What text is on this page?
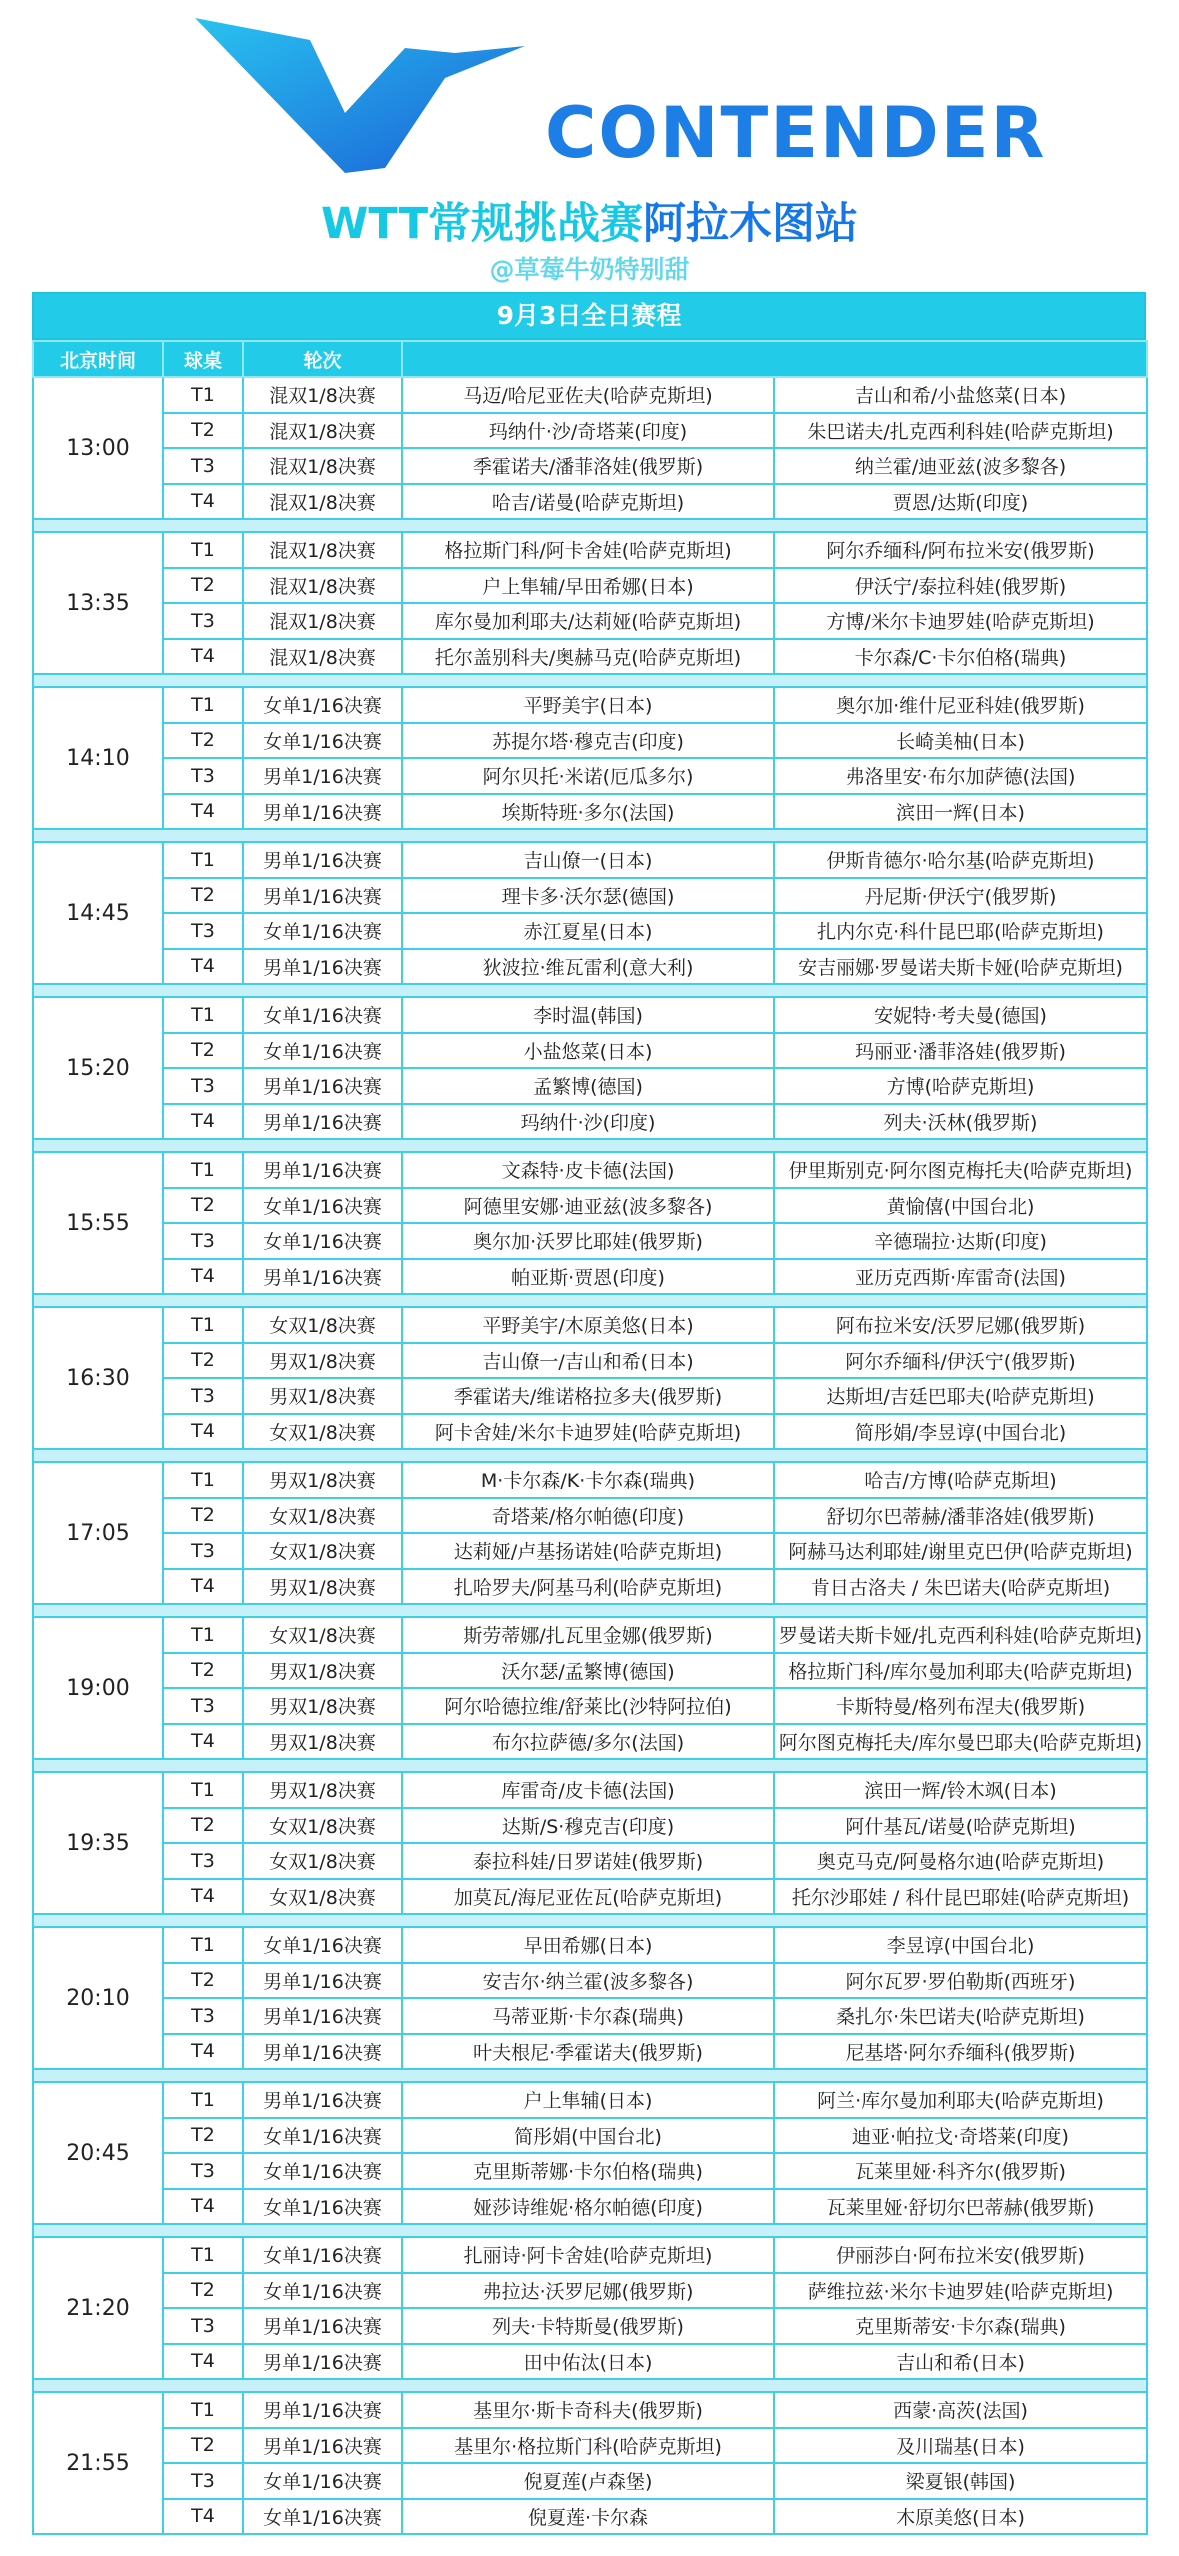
CONTENDER
WTT常规挑战赛阿拉木图站
@草莓牛奶特别甜
9月3日全日赛程
北京时间	球桌	轮次		
13:00	T1	混双1/8决赛	马迈/哈尼亚佐夫(哈萨克斯坦)	吉山和希/小盐悠菜(日本)
	T2	混双1/8决赛	玛纳什·沙/奇塔莱(印度)	朱巴诺夫/扎克西利科娃(哈萨克斯坦)
	T3	混双1/8决赛	季霍诺夫/潘菲洛娃(俄罗斯)	纳兰霍/迪亚兹(波多黎各)
	T4	混双1/8决赛	哈吉/诺曼(哈萨克斯坦)	贾恩/达斯(印度)

13:35	T1	混双1/8决赛	格拉斯门科/阿卡舍娃(哈萨克斯坦)	阿尔乔缅科/阿布拉米安(俄罗斯)
	T2	混双1/8决赛	户上隼辅/早田希娜(日本)	伊沃宁/泰拉科娃(俄罗斯)
	T3	混双1/8决赛	库尔曼加利耶夫/达莉娅(哈萨克斯坦)	方博/米尔卡迪罗娃(哈萨克斯坦)
	T4	混双1/8决赛	托尔盖别科夫/奥赫马克(哈萨克斯坦)	卡尔森/C·卡尔伯格(瑞典)

14:10	T1	女单1/16决赛	平野美宇(日本)	奥尔加·维什尼亚科娃(俄罗斯)
	T2	女单1/16决赛	苏提尔塔·穆克吉(印度)	长崎美柚(日本)
	T3	男单1/16决赛	阿尔贝托·米诺(厄瓜多尔)	弗洛里安·布尔加萨德(法国)
	T4	男单1/16决赛	埃斯特班·多尔(法国)	滨田一辉(日本)

14:45	T1	男单1/16决赛	吉山僚一(日本)	伊斯肯德尔·哈尔基(哈萨克斯坦)
	T2	男单1/16决赛	理卡多·沃尔瑟(德国)	丹尼斯·伊沃宁(俄罗斯)
	T3	女单1/16决赛	赤江夏星(日本)	扎内尔克·科什昆巴耶(哈萨克斯坦)
	T4	男单1/16决赛	狄波拉·维瓦雷利(意大利)	安吉丽娜·罗曼诺夫斯卡娅(哈萨克斯坦)

15:20	T1	女单1/16决赛	李时温(韩国)	安妮特·考夫曼(德国)
	T2	女单1/16决赛	小盐悠菜(日本)	玛丽亚·潘菲洛娃(俄罗斯)
	T3	男单1/16决赛	孟繁博(德国)	方博(哈萨克斯坦)
	T4	男单1/16决赛	玛纳什·沙(印度)	列夫·沃林(俄罗斯)

15:55	T1	男单1/16决赛	文森特·皮卡德(法国)	伊里斯别克·阿尔图克梅托夫(哈萨克斯坦)
	T2	女单1/16决赛	阿德里安娜·迪亚兹(波多黎各)	黄愉僖(中国台北)
	T3	女单1/16决赛	奥尔加·沃罗比耶娃(俄罗斯)	辛德瑞拉·达斯(印度)
	T4	男单1/16决赛	帕亚斯·贾恩(印度)	亚历克西斯·库雷奇(法国)

16:30	T1	女双1/8决赛	平野美宇/木原美悠(日本)	阿布拉米安/沃罗尼娜(俄罗斯)
	T2	男双1/8决赛	吉山僚一/吉山和希(日本)	阿尔乔缅科/伊沃宁(俄罗斯)
	T3	男双1/8决赛	季霍诺夫/维诺格拉多夫(俄罗斯)	达斯坦/吉廷巴耶夫(哈萨克斯坦)
	T4	女双1/8决赛	阿卡舍娃/米尔卡迪罗娃(哈萨克斯坦)	简彤娟/李昱谆(中国台北)

17:05	T1	男双1/8决赛	M·卡尔森/K·卡尔森(瑞典)	哈吉/方博(哈萨克斯坦)
	T2	女双1/8决赛	奇塔莱/格尔帕德(印度)	舒切尔巴蒂赫/潘菲洛娃(俄罗斯)
	T3	女双1/8决赛	达莉娅/卢基扬诺娃(哈萨克斯坦)	阿赫马达利耶娃/谢里克巴伊(哈萨克斯坦)
	T4	男双1/8决赛	扎哈罗夫/阿基马利(哈萨克斯坦)	肯日古洛夫 / 朱巴诺夫(哈萨克斯坦)

19:00	T1	女双1/8决赛	斯劳蒂娜/扎瓦里金娜(俄罗斯)	罗曼诺夫斯卡娅/扎克西利科娃(哈萨克斯坦)
	T2	男双1/8决赛	沃尔瑟/孟繁博(德国)	格拉斯门科/库尔曼加利耶夫(哈萨克斯坦)
	T3	男双1/8决赛	阿尔哈德拉维/舒莱比(沙特阿拉伯)	卡斯特曼/格列布涅夫(俄罗斯)
	T4	男双1/8决赛	布尔拉萨德/多尔(法国)	阿尔图克梅托夫/库尔曼巴耶夫(哈萨克斯坦)

19:35	T1	男双1/8决赛	库雷奇/皮卡德(法国)	滨田一辉/铃木飒(日本)
	T2	女双1/8决赛	达斯/S·穆克吉(印度)	阿什基瓦/诺曼(哈萨克斯坦)
	T3	女双1/8决赛	泰拉科娃/日罗诺娃(俄罗斯)	奥克马克/阿曼格尔迪(哈萨克斯坦)
	T4	女双1/8决赛	加莫瓦/海尼亚佐瓦(哈萨克斯坦)	托尔沙耶娃 / 科什昆巴耶娃(哈萨克斯坦)

20:10	T1	女单1/16决赛	早田希娜(日本)	李昱谆(中国台北)
	T2	男单1/16决赛	安吉尔·纳兰霍(波多黎各)	阿尔瓦罗·罗伯勒斯(西班牙)
	T3	男单1/16决赛	马蒂亚斯·卡尔森(瑞典)	桑扎尔·朱巴诺夫(哈萨克斯坦)
	T4	男单1/16决赛	叶夫根尼·季霍诺夫(俄罗斯)	尼基塔·阿尔乔缅科(俄罗斯)

20:45	T1	男单1/16决赛	户上隼辅(日本)	阿兰·库尔曼加利耶夫(哈萨克斯坦)
	T2	女单1/16决赛	简彤娟(中国台北)	迪亚·帕拉戈·奇塔莱(印度)
	T3	女单1/16决赛	克里斯蒂娜·卡尔伯格(瑞典)	瓦莱里娅·科齐尔(俄罗斯)
	T4	女单1/16决赛	娅莎诗维妮·格尔帕德(印度)	瓦莱里娅·舒切尔巴蒂赫(俄罗斯)

21:20	T1	女单1/16决赛	扎丽诗·阿卡舍娃(哈萨克斯坦)	伊丽莎白·阿布拉米安(俄罗斯)
	T2	女单1/16决赛	弗拉达·沃罗尼娜(俄罗斯)	萨维拉兹·米尔卡迪罗娃(哈萨克斯坦)
	T3	男单1/16决赛	列夫·卡特斯曼(俄罗斯)	克里斯蒂安·卡尔森(瑞典)
	T4	男单1/16决赛	田中佑汰(日本)	吉山和希(日本)

21:55	T1	男单1/16决赛	基里尔·斯卡奇科夫(俄罗斯)	西蒙·高茨(法国)
	T2	男单1/16决赛	基里尔·格拉斯门科(哈萨克斯坦)	及川瑞基(日本)
	T3	女单1/16决赛	倪夏莲(卢森堡)	梁夏银(韩国)
	T4	女单1/16决赛	倪夏莲·卡尔森	木原美悠(日本)
